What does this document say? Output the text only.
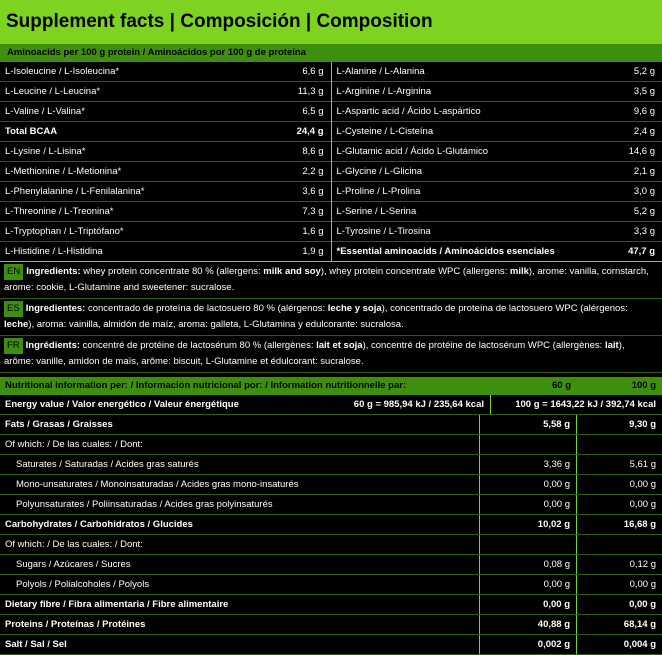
Supplement facts | Composición | Composition
Aminoacids per 100 g protein / Aminoácidos por 100 g de proteína
L-Isoleucine / L-Isoleucina*	6,6 g
L-Leucine / L-Leucina*	11,3 g
L-Valine / L-Valina*	6,5 g
Total BCAA	24,4 g
L-Lysine / L-Lisina*	8,6 g
L-Methionine / L-Metionina*	2,2 g
L-Phenylalanine / L-Fenilalanina*	3,6 g
L-Threonine / L-Treonina*	7,3 g
L-Tryptophan / L-Triptófano*	1,6 g
L-Histidine / L-Histidina	1,9 g
L-Alanine / L-Alanina	5,2 g
L-Arginine / L-Arginina	3,5 g
L-Aspartic acid / Ácido L-aspártico	9,6 g
L-Cysteine / L-Cisteína	2,4 g
L-Glutamic acid / Ácido L-Glutámico	14,6 g
L-Glycine / L-Glicina	2,1 g
L-Proline / L-Prolina	3,0 g
L-Serine / L-Serina	5,2 g
L-Tyrosine / L-Tirosina	3,3 g
*Essential aminoacids / Aminoácidos esenciales	47,7 g
EN Ingredients: whey protein concentrate 80 % (allergens: milk and soy), whey protein concentrate WPC (allergens: milk), arome: vanilla, cornstarch, arome: cookie, L-Glutamine and sweetener: sucralose.
ES Ingredientes: concentrado de proteína de lactosuero 80 % (alérgenos: leche y soja), concentrado de proteína de lactosuero WPC (alérgenos: leche), aroma: vainilla, almidón de maíz, aroma: galleta, L-Glutamina y edulcorante: sucralosa.
FR Ingrédients: concentré de protéine de lactosérum 80 % (allergènes: lait et soja), concentré de protéine de lactosérum WPC (allergènes: lait), arôme: vanille, amidon de maïs, arôme: biscuit, L-Glutamine et édulcorant: sucralose.
Nutritional information per: / Información nutricional por: / Information nutritionnelle par:	60 g	100 g
Energy value / Valor energético / Valeur énergétique	60 g = 985,94 kJ / 235,64 kcal	100 g = 1643,22 kJ / 392,74 kcal
Fats / Grasas / Graisses	5,58 g	9,30 g
Of which: / De las cuales: / Dont:
Saturates / Saturadas / Acides gras saturés	3,36 g	5,61 g
Mono-unsaturates / Monoinsaturadas / Acides gras mono-insaturés	0,00 g	0,00 g
Polyunsaturates / Poliinsaturadas / Acides gras polyinsaturés	0,00 g	0,00 g
Carbohydrates / Carbohidratos / Glucides	10,02 g	16,68 g
Of which: / De las cuales: / Dont:
Sugars / Azúcares / Sucres	0,08 g	0,12 g
Polyols / Polialcoholes / Polyols	0,00 g	0,00 g
Dietary fibre / Fibra alimentaria / Fibre alimentaire	0,00 g	0,00 g
Proteins / Proteínas / Protéines	40,88 g	68,14 g
Salt / Sal / Sel	0,002 g	0,004 g
